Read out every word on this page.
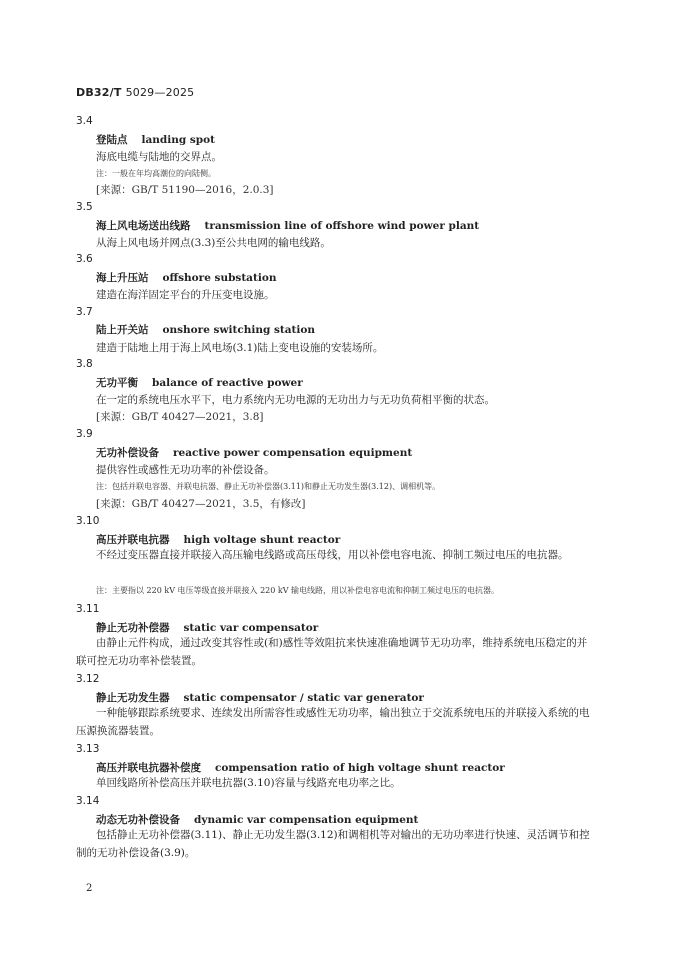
DB32/T 5029—2025
3.4
登陆点 landing spot
海底电缆与陆地的交界点。
注：一般在年均高潮位的向陆侧。
[来源：GB/T 51190—2016，2.0.3]
3.5
海上风电场送出线路 transmission line of offshore wind power plant
从海上风电场并网点(3.3)至公共电网的输电线路。
3.6
海上升压站 offshore substation
建造在海洋固定平台的升压变电设施。
3.7
陆上开关站 onshore switching station
建造于陆地上用于海上风电场(3.1)陆上变电设施的安装场所。
3.8
无功平衡 balance of reactive power
在一定的系统电压水平下，电力系统内无功电源的无功出力与无功负荷相平衡的状态。
[来源：GB/T 40427—2021，3.8]
3.9
无功补偿设备 reactive power compensation equipment
提供容性或感性无功功率的补偿设备。
注：包括并联电容器、并联电抗器、静止无功补偿器(3.11)和静止无功发生器(3.12)、调相机等。
[来源：GB/T 40427—2021，3.5，有修改]
3.10
高压并联电抗器 high voltage shunt reactor
不经过变压器直接并联接入高压输电线路或高压母线，用以补偿电容电流、抑制工频过电压的电抗器。
注：主要指以 220 kV 电压等级直接并联接入 220 kV 输电线路，用以补偿电容电流和抑制工频过电压的电抗器。
3.11
静止无功补偿器 static var compensator
由静止元件构成，通过改变其容性或(和)感性等效阻抗来快速准确地调节无功功率，维持系统电压稳定的并联可控无功功率补偿装置。
3.12
静止无功发生器 static compensator / static var generator
一种能够跟踪系统要求、连续发出所需容性或感性无功功率，输出独立于交流系统电压的并联接入系统的电压源换流器装置。
3.13
高压并联电抗器补偿度 compensation ratio of high voltage shunt reactor
单回线路所补偿高压并联电抗器(3.10)容量与线路充电功率之比。
3.14
动态无功补偿设备 dynamic var compensation equipment
包括静止无功补偿器(3.11)、静止无功发生器(3.12)和调相机等对输出的无功功率进行快速、灵活调节和控制的无功补偿设备(3.9)。
2
